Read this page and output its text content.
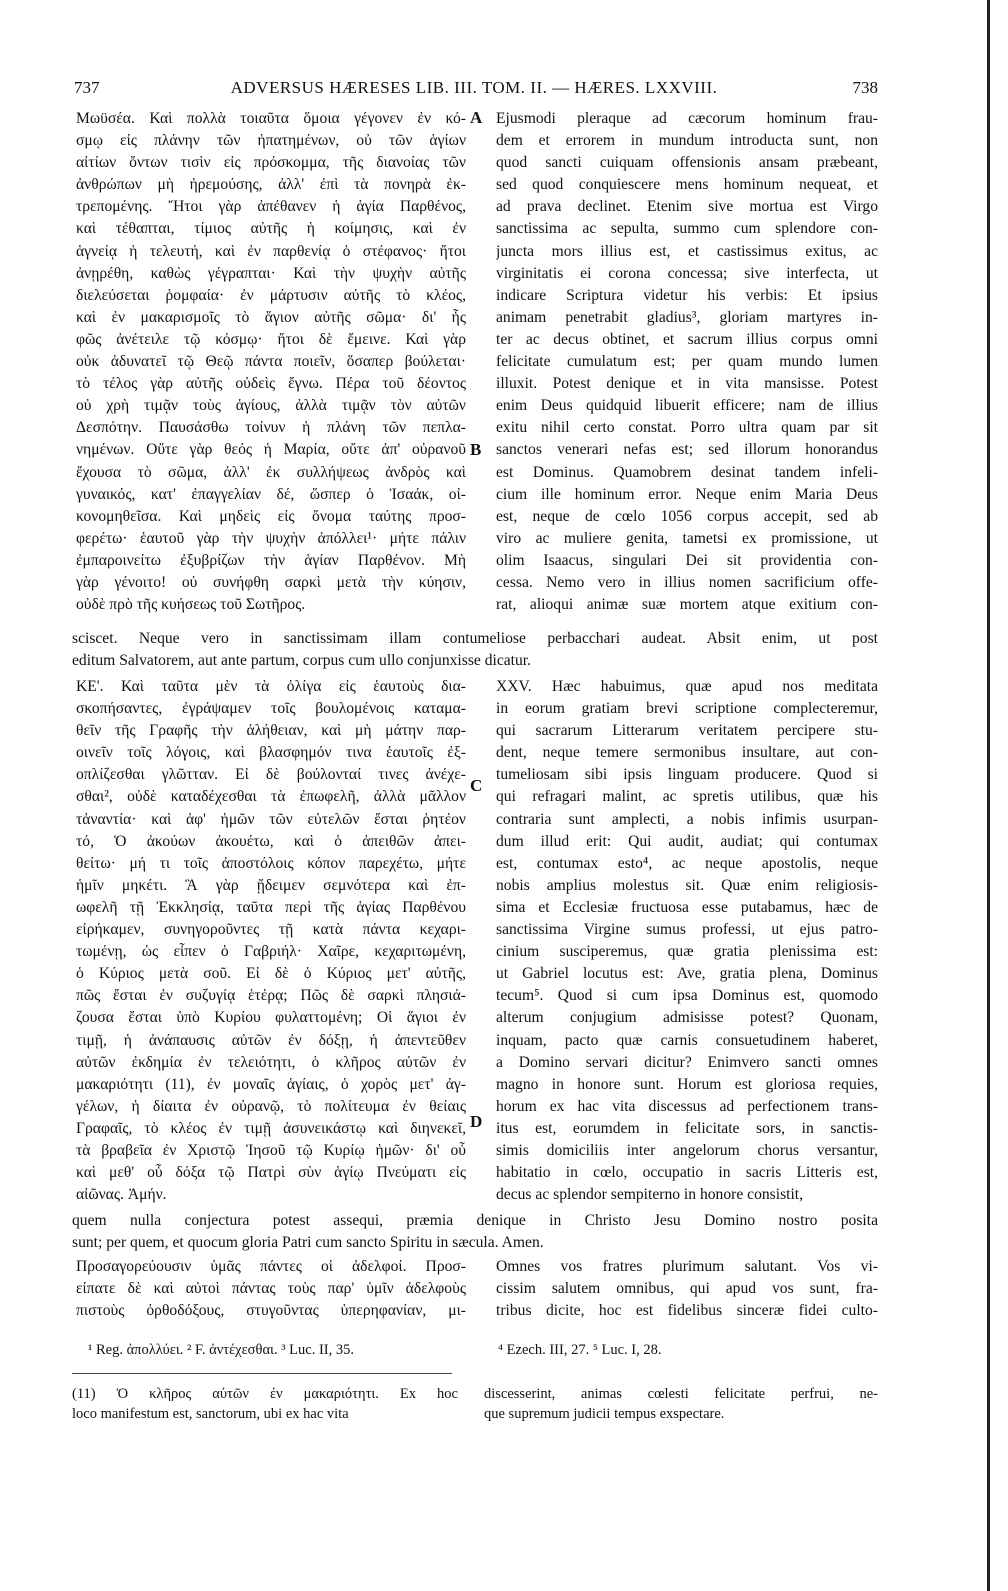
737	ADVERSUS HÆRESES LIB. III. TOM. II. — HÆRES. LXXVIII.	738
Μωϋσέα. Καὶ πολλὰ τοιαῦτα ὅμοια γέγονεν ἐν κό-
σμῳ εἰς πλάνην τῶν ἠπατημένων, οὐ τῶν ἁγίων
αἰτίων ὄντων τισὶν εἰς πρόσκομμα, τῆς διανοίας τῶν
ἀνθρώπων μὴ ἠρεμούσης, ἀλλ' ἐπὶ τὰ πονηρὰ ἐκ-
τρεπομένης. Ἤτοι γὰρ ἀπέθανεν ἡ ἁγία Παρθένος,
καὶ τέθαπται, τίμιος αὐτῆς ἡ κοίμησις, καὶ ἐν
ἁγνείᾳ ἡ τελευτή, καὶ ἐν παρθενίᾳ ὁ στέφανος· ἤτοι
ἀνῃρέθη, καθὼς γέγραπται· Καὶ τὴν ψυχὴν αὐτῆς
διελεύσεται ῥομφαία· ἐν μάρτυσιν αὐτῆς τὸ κλέος,
καὶ ἐν μακαρισμοῖς τὸ ἅγιον αὐτῆς σῶμα· δι' ἧς
φῶς ἀνέτειλε τῷ κόσμῳ· ἤτοι δὲ ἔμεινε. Καὶ γὰρ
οὐκ ἀδυνατεῖ τῷ Θεῷ πάντα ποιεῖν, ὅσαπερ βούλεται·
τὸ τέλος γὰρ αὐτῆς οὐδεὶς ἔγνω. Πέρα τοῦ δέοντος
οὐ χρὴ τιμᾷν τοὺς ἁγίους, ἀλλὰ τιμᾷν τὸν αὐτῶν
Δεσπότην. Παυσάσθω τοίνυν ἡ πλάνη τῶν πεπλα-
νημένων. Οὔτε γὰρ θεός ἡ Μαρία, οὔτε ἀπ' οὐρανοῦ
ἔχουσα τὸ σῶμα, ἀλλ' ἐκ συλλήψεως ἀνδρὸς καὶ
γυναικός, κατ' ἐπαγγελίαν δέ, ὥσπερ ὁ Ἰσαάκ, οἰ-
κονομηθεῖσα. Καὶ μηδεὶς εἰς ὄνομα ταύτης προσ-
φερέτω· ἑαυτοῦ γὰρ τὴν ψυχὴν ἀπόλλει¹· μήτε πάλιν
ἐμπαροινείτω ἐξυβρίζων τὴν ἁγίαν Παρθένον. Μὴ
γὰρ γένοιτο! οὐ συνήφθη σαρκὶ μετὰ τὴν κύησιν,
οὐδὲ πρὸ τῆς κυήσεως τοῦ Σωτῆρος.
Ejusmodi pleraque ad cæcorum hominum frau-
dem et errorem in mundum introducta sunt, non
quod sancti cuiquam offensionis ansam præbeant,
sed quod conquiescere mens hominum nequeat, et
ad prava declinet. Etenim sive mortua est Virgo
sanctissima ac sepulta, summo cum splendore con-
juncta mors illius est, et castissimus exitus, ac
virginitatis ei corona concessa; sive interfecta, ut
indicare Scriptura videtur his verbis: Et ipsius
animam penetrabit gladius³, gloriam martyres in-
ter ac decus obtinet, et sacrum illius corpus omni
felicitate cumulatum est; per quam mundo lumen
illuxit. Potest denique et in vita mansisse. Potest
enim Deus quidquid libuerit efficere; nam de illius
exitu nihil certo constat. Porro ultra quam par sit
sanctos venerari nefas est; sed illorum honorandus
est Dominus. Quamobrem desinat tandem infeli-
cium ille hominum error. Neque enim Maria Deus
est, neque de cœlo 1056 corpus accepit, sed ab
viro ac muliere genita, tametsi ex promissione, ut
olim Isaacus, singulari Dei sit providentia con-
cessa. Nemo vero in illius nomen sacrificium offe-
rat, alioqui animæ suæ mortem atque exitium con-
A
B
sciscet. Neque vero in sanctissimam illam contumeliose perbacchari audeat. Absit enim, ut post
editum Salvatorem, aut ante partum, corpus cum ullo conjunxisse dicatur.
ΚΕ'. Καὶ ταῦτα μὲν τὰ ὀλίγα εἰς ἑαυτοὺς δια-
σκοπήσαντες, ἐγράψαμεν τοῖς βουλομένοις καταμα-
θεῖν τῆς Γραφῆς τὴν ἀλήθειαν, καὶ μὴ μάτην παρ-
οινεῖν τοῖς λόγοις, καὶ βλασφημόν τινα ἑαυτοῖς ἐξ-
οπλίζεσθαι γλῶτταν. Εἰ δὲ βούλονταί τινες ἀνέχε-
σθαι², οὐδὲ καταδέχεσθαι τὰ ἐπωφελῆ, ἀλλὰ μᾶλλον
τἀναντία· καὶ ἀφ' ἡμῶν τῶν εὐτελῶν ἔσται ῥητέον
τό, Ὁ ἀκούων ἀκουέτω, καὶ ὁ ἀπειθῶν ἀπει-
θείτω· μή τι τοῖς ἀποστόλοις κόπον παρεχέτω, μήτε
ἡμῖν μηκέτι. Ἃ γὰρ ᾔδειμεν σεμνότερα καὶ ἐπ-
ωφελῆ τῇ Ἐκκλησίᾳ, ταῦτα περὶ τῆς ἁγίας Παρθένου
εἰρήκαμεν, συνηγοροῦντες τῇ κατὰ πάντα κεχαρι-
τωμένῃ, ὡς εἶπεν ὁ Γαβριήλ· Χαῖρε, κεχαριτωμένη,
ὁ Κύριος μετὰ σοῦ. Εἰ δὲ ὁ Κύριος μετ' αὐτῆς,
πῶς ἔσται ἐν συζυγίᾳ ἑτέρᾳ; Πῶς δὲ σαρκὶ πλησιά-
ζουσα ἔσται ὑπὸ Κυρίου φυλαττομένη; Οἱ ἅγιοι ἐν
τιμῇ, ἡ ἀνάπαυσις αὐτῶν ἐν δόξῃ, ἡ ἀπεντεῦθεν
αὐτῶν ἐκδημία ἐν τελειότητι, ὁ κλῆρος αὐτῶν ἐν
μακαριότητι (11), ἐν μοναῖς ἁγίαις, ὁ χορὸς μετ' ἀγ-
γέλων, ἡ δίαιτα ἐν οὐρανῷ, τὸ πολίτευμα ἐν θείαις
Γραφαῖς, τὸ κλέος ἐν τιμῇ ἀσυνεικάστῳ καὶ διηνεκεῖ,
τὰ βραβεῖα ἐν Χριστῷ Ἰησοῦ τῷ Κυρίῳ ἡμῶν· δι' οὗ
καὶ μεθ' οὗ δόξα τῷ Πατρὶ σὺν ἁγίῳ Πνεύματι εἰς
αἰῶνας. Ἀμήν.
XXV. Hæc habuimus, quæ apud nos meditata
in eorum gratiam brevi scriptione complecteremur,
qui sacrarum Litterarum veritatem percipere stu-
dent, neque temere sermonibus insultare, aut con-
tumeliosam sibi ipsis linguam producere. Quod si
qui refragari malint, ac spretis utilibus, quæ his
contraria sunt amplecti, a nobis infimis usurpan-
dum illud erit: Qui audit, audiat; qui contumax
est, contumax esto⁴, ac neque apostolis, neque
nobis amplius molestus sit. Quæ enim religiosis-
sima et Ecclesiæ fructuosa esse putabamus, hæc de
sanctissima Virgine sumus professi, ut ejus patro-
cinium susciperemus, quæ gratia plenissima est:
ut Gabriel locutus est: Ave, gratia plena, Dominus
tecum⁵. Quod si cum ipsa Dominus est, quomodo
alterum conjugium admisisse potest? Quonam,
inquam, pacto quæ carnis consuetudinem haberet,
a Domino servari dicitur? Enimvero sancti omnes
magno in honore sunt. Horum est gloriosa requies,
horum ex hac vita discessus ad perfectionem trans-
itus est, eorumdem in felicitate sors, in sanctis-
simis domiciliis inter angelorum chorus versantur,
habitatio in cœlo, occupatio in sacris Litteris est,
decus ac splendor sempiterno in honore consistit,
C
D
quem nulla conjectura potest assequi, præmia denique in Christo Jesu Domino nostro posita
sunt; per quem, et quocum gloria Patri cum sancto Spiritu in sæcula. Amen.
Προσαγορεύουσιν ὑμᾶς πάντες οἱ ἀδελφοί. Προσ-
είπατε δὲ καὶ αὐτοὶ πάντας τοὺς παρ' ὑμῖν ἀδελφοὺς
πιστοὺς ὀρθοδόξους, στυγοῦντας ὑπερηφανίαν, μι-
Omnes vos fratres plurimum salutant. Vos vi-
cissim salutem omnibus, qui apud vos sunt, fra-
tribus dicite, hoc est fidelibus sinceræ fidei culto-
¹ Reg. ἀπολλύει. ² F. ἀντέχεσθαι. ³ Luc. II, 35.	⁴ Ezech. III, 27. ⁵ Luc. I, 28.
(11) Ὁ κλῆρος αὐτῶν ἐν μακαριότητι. Ex hoc
loco manifestum est, sanctorum, ubi ex hac vita
discesserint, animas cœlesti felicitate perfrui, ne-
que supremum judicii tempus exspectare.
